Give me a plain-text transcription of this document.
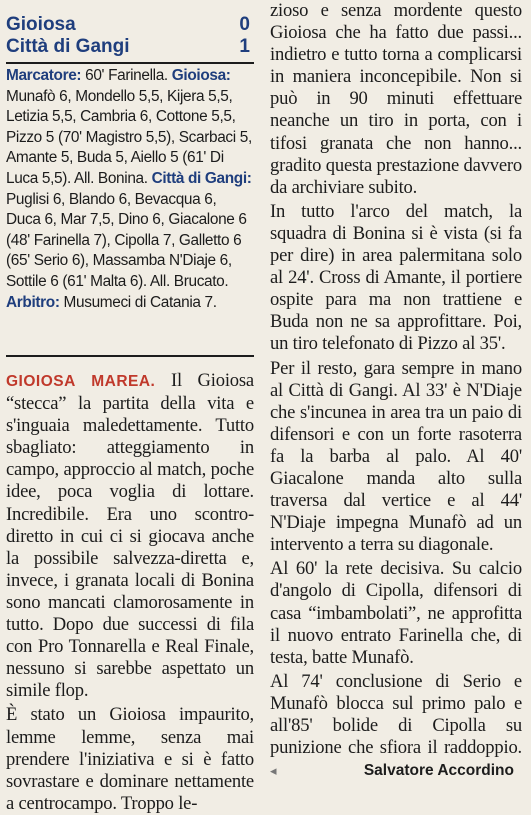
Gioiosa	0
Città di Gangi	1
Marcatore: 60' Farinella. Gioiosa: Munafò 6, Mondello 5,5, Kijera 5,5, Letizia 5,5, Cambria 6, Cottone 5,5, Pizzo 5 (70' Magistro 5,5), Scarbaci 5, Amante 5, Buda 5, Aiello 5 (61' Di Luca 5,5). All. Bonina. Città di Gangi: Puglisi 6, Blando 6, Bevacqua 6, Duca 6, Mar 7,5, Dino 6, Giacalone 6 (48' Farinella 7), Cipolla 7, Galletto 6 (65' Serio 6), Massamba N'Diaje 6, Sottile 6 (61' Malta 6). All. Brucato. Arbitro: Musumeci di Catania 7.

GIOIOSA MAREA. Il Gioiosa “stecca” la partita della vita e s'inguaia maledettamente. Tutto sbagliato: atteggiamento in campo, approccio al match, poche idee, poca voglia di lottare. Incredibile. Era uno scontro-diretto in cui ci si giocava anche la possibile salvezza-diretta e, invece, i granata locali di Bonina sono mancati clamorosamente in tutto. Dopo due successi di fila con Pro Tonnarella e Real Finale, nessuno si sarebbe aspettato un simile flop.

È stato un Gioiosa impaurito, lemme lemme, senza mai prendere l'iniziativa e si è fatto sovrastare e dominare nettamente a centrocampo. Troppo le-

zioso e senza mordente questo Gioiosa che ha fatto due passi... indietro e tutto torna a complicarsi in maniera inconcepibile. Non si può in 90 minuti effettuare neanche un tiro in porta, con i tifosi granata che non hanno... gradito questa prestazione davvero da archiviare subito.

In tutto l'arco del match, la squadra di Bonina si è vista (si fa per dire) in area palermitana solo al 24'. Cross di Amante, il portiere ospite para ma non trattiene e Buda non ne sa approfittare. Poi, un tiro telefonato di Pizzo al 35'.

Per il resto, gara sempre in mano al Città di Gangi. Al 33' è N'Diaje che s'incunea in area tra un paio di difensori e con un forte rasoterra fa la barba al palo. Al 40' Giacalone manda alto sulla traversa dal vertice e al 44' N'Diaje impegna Munafò ad un intervento a terra su diagonale.

Al 60' la rete decisiva. Su calcio d'angolo di Cipolla, difensori di casa “imbambolati”, ne approfitta il nuovo entrato Farinella che, di testa, batte Munafò.

Al 74' conclusione di Serio e Munafò blocca sul primo palo e all'85' bolide di Cipolla su punizione che sfiora il raddoppio. ◂	Salvatore Accordino
